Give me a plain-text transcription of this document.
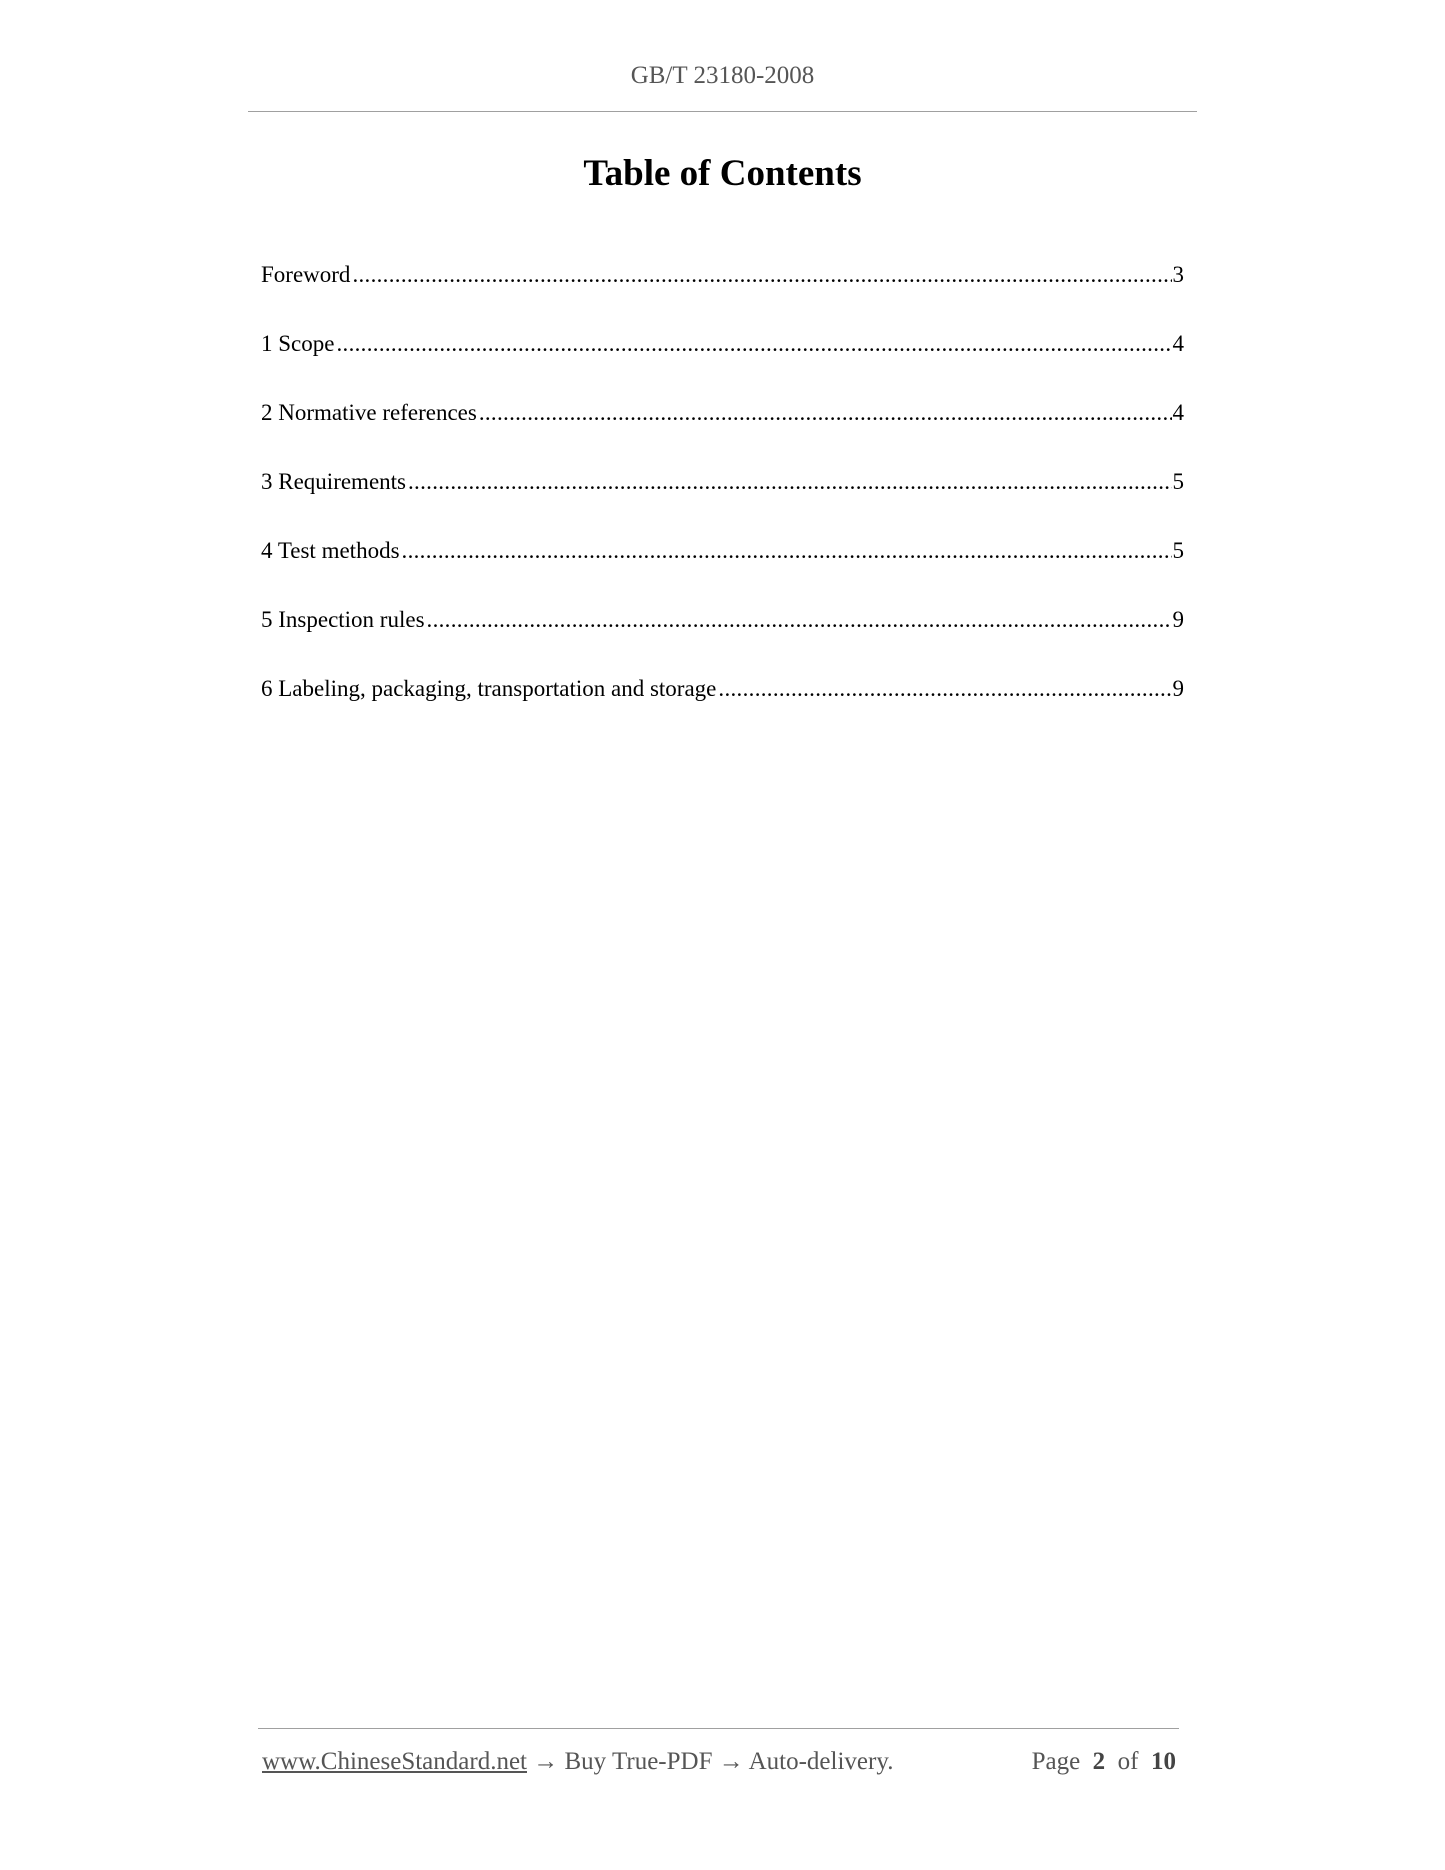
GB/T 23180-2008
Table of Contents
Foreword .....	3
1 Scope .....	4
2 Normative references .....	4
3 Requirements .....	5
4 Test methods .....	5
5 Inspection rules .....	9
6 Labeling, packaging, transportation and storage .....	9
www.ChineseStandard.net → Buy True-PDF → Auto-delivery.	Page 2 of 10
